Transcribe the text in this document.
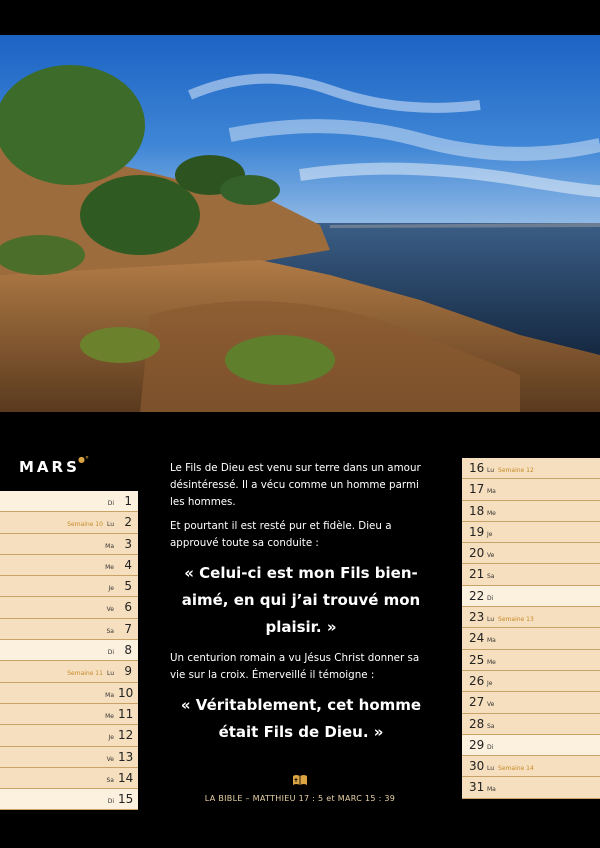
MARS
●°
Di 1
Semaine 10 Lu 2
Ma 3
Me 4
Je 5
Ve 6
Sa 7
Di 8
Semaine 11 Lu 9
Ma 10
Me 11
Je 12
Ve 13
Sa 14
Di 15
16 Lu Semaine 12
17 Ma
18 Me
19 Je
20 Ve
21 Sa
22 Di
23 Lu Semaine 13
24 Ma
25 Me
26 Je
27 Ve
28 Sa
29 Di
30 Lu Semaine 14
31 Ma

Le Fils de Dieu est venu sur terre dans un amour désintéressé. Il a vécu comme un homme parmi les hommes.

Et pourtant il est resté pur et fidèle. Dieu a approuvé toute sa conduite :

« Celui-ci est mon Fils bien-aimé, en qui j’ai trouvé mon plaisir. »

Un centurion romain a vu Jésus Christ donner sa vie sur la croix. Émerveillé il témoigne :

« Véritablement, cet homme était Fils de Dieu. »
LA BIBLE – MATTHIEU 17 : 5 et MARC 15 : 39
